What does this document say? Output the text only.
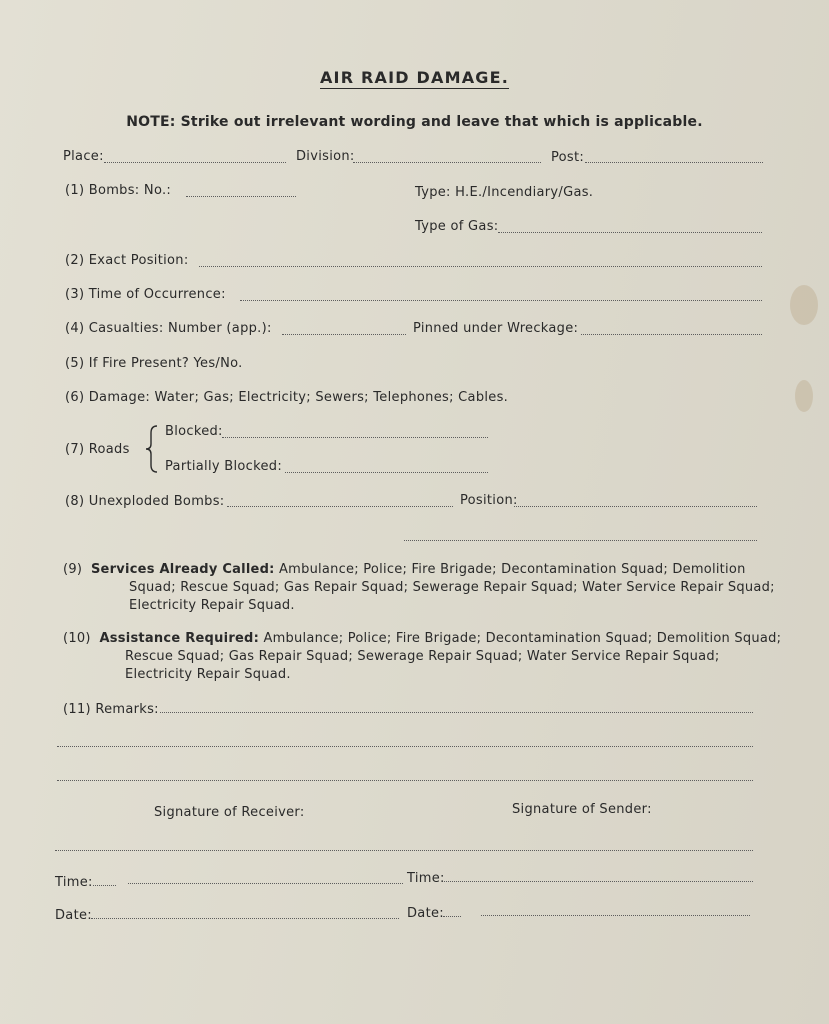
AIR RAID DAMAGE.
NOTE: Strike out irrelevant wording and leave that which is applicable.
Place:	Division:	Post:
(1) Bombs: No.:	Type: H.E./Incendiary/Gas.
Type of Gas:
(2) Exact Position:
(3) Time of Occurrence:
(4) Casualties: Number (app.):	Pinned under Wreckage:
(5) If Fire Present? Yes/No.
(6) Damage: Water; Gas; Electricity; Sewers; Telephones; Cables.
(7) Roads
Blocked:
Partially Blocked:
(8) Unexploded Bombs:	Position:
(9) Services Already Called: Ambulance; Police; Fire Brigade; Decontamination Squad; Demolition
Squad; Rescue Squad; Gas Repair Squad; Sewerage Repair Squad; Water Service Repair Squad;
Electricity Repair Squad.
(10) Assistance Required: Ambulance; Police; Fire Brigade; Decontamination Squad; Demolition Squad;
Rescue Squad; Gas Repair Squad; Sewerage Repair Squad; Water Service Repair Squad;
Electricity Repair Squad.
(11) Remarks:
Signature of Receiver:	Signature of Sender:
Time:	Time:
Date:	Date:
